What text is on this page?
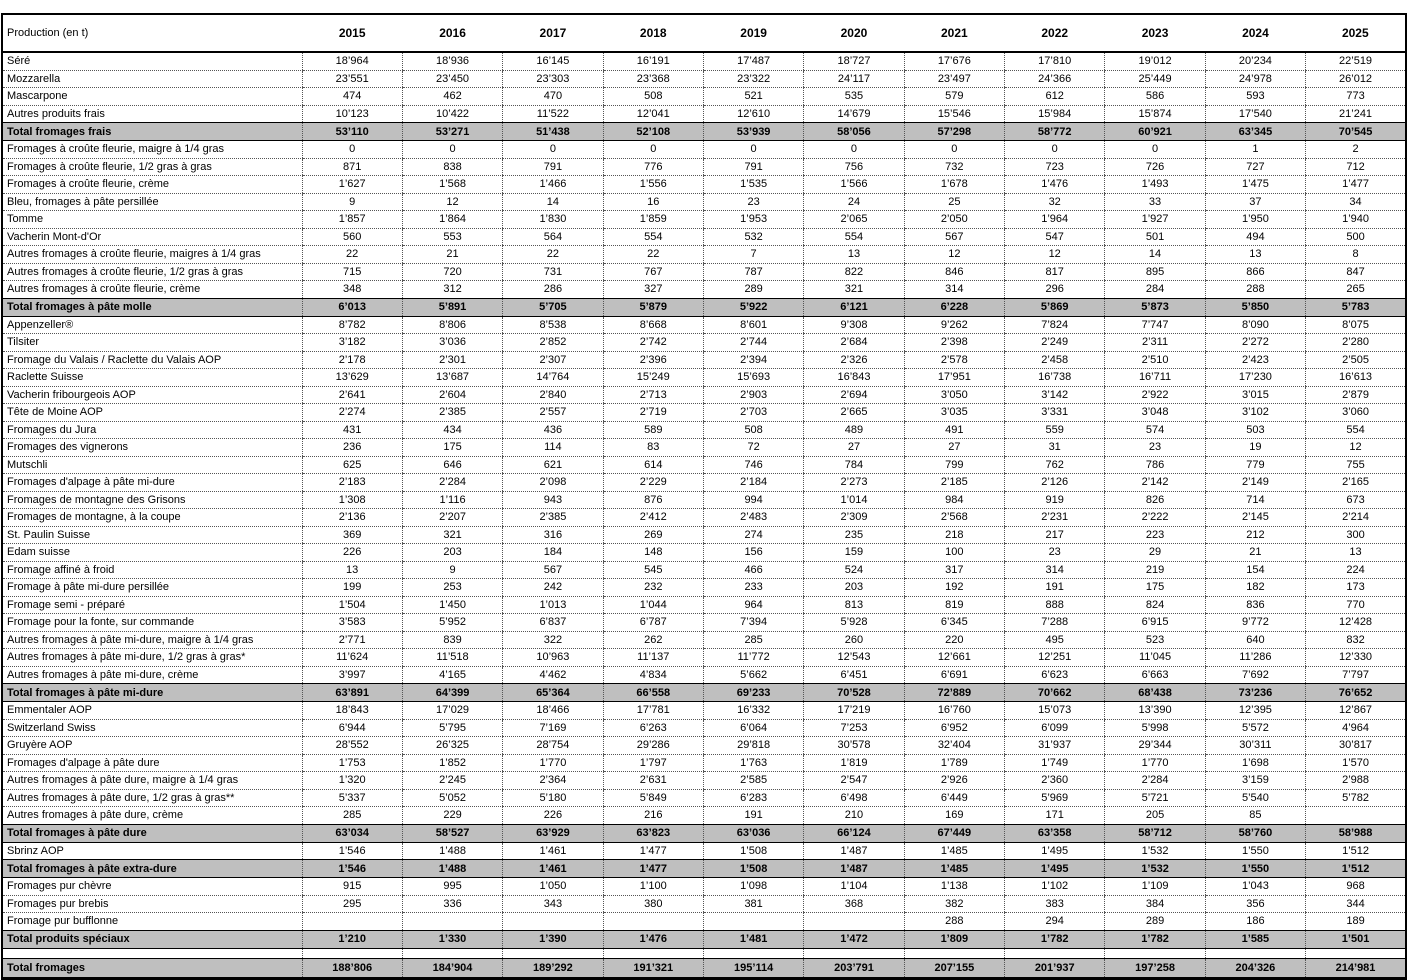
Production (en t)	2015	2016	2017	2018	2019	2020	2021	2022	2023	2024	2025
Séré	18’964	18’936	16’145	16’191	17’487	18’727	17’676	17’810	19’012	20’234	22’519
Mozzarella	23’551	23’450	23’303	23’368	23’322	24’117	23’497	24’366	25’449	24’978	26’012
Mascarpone	474	462	470	508	521	535	579	612	586	593	773
Autres produits frais	10’123	10’422	11’522	12’041	12’610	14’679	15’546	15’984	15’874	17’540	21’241
Total fromages frais	53’110	53’271	51’438	52’108	53’939	58’056	57’298	58’772	60’921	63’345	70’545
Fromages à croûte fleurie, maigre à 1/4 gras	0	0	0	0	0	0	0	0	0	1	2
Fromages à croûte fleurie, 1/2 gras à gras	871	838	791	776	791	756	732	723	726	727	712
Fromages à croûte fleurie, crème	1’627	1’568	1’466	1’556	1’535	1’566	1’678	1’476	1’493	1’475	1’477
Bleu, fromages à pâte persillée	9	12	14	16	23	24	25	32	33	37	34
Tomme	1’857	1’864	1’830	1’859	1’953	2’065	2’050	1’964	1’927	1’950	1’940
Vacherin Mont-d'Or	560	553	564	554	532	554	567	547	501	494	500
Autres fromages à croûte fleurie, maigres à 1/4 gras	22	21	22	22	7	13	12	12	14	13	8
Autres fromages à croûte fleurie, 1/2 gras à gras	715	720	731	767	787	822	846	817	895	866	847
Autres fromages à croûte fleurie, crème	348	312	286	327	289	321	314	296	284	288	265
Total fromages à pâte molle	6’013	5’891	5’705	5’879	5’922	6’121	6’228	5’869	5’873	5’850	5’783
Appenzeller®	8’782	8’806	8’538	8’668	8’601	9’308	9’262	7’824	7’747	8’090	8’075
Tilsiter	3’182	3’036	2’852	2’742	2’744	2’684	2’398	2’249	2’311	2’272	2’280
Fromage du Valais / Raclette du Valais AOP	2’178	2’301	2’307	2’396	2’394	2’326	2’578	2’458	2’510	2’423	2’505
Raclette Suisse	13’629	13’687	14’764	15’249	15’693	16’843	17’951	16’738	16’711	17’230	16’613
Vacherin fribourgeois AOP	2’641	2’604	2’840	2’713	2’903	2’694	3’050	3’142	2’922	3’015	2’879
Tête de Moine AOP	2’274	2’385	2’557	2’719	2’703	2’665	3’035	3’331	3’048	3’102	3’060
Fromages du Jura	431	434	436	589	508	489	491	559	574	503	554
Fromages des vignerons	236	175	114	83	72	27	27	31	23	19	12
Mutschli	625	646	621	614	746	784	799	762	786	779	755
Fromages d'alpage à pâte mi-dure	2’183	2’284	2’098	2’229	2’184	2’273	2’185	2’126	2’142	2’149	2’165
Fromages de montagne des Grisons	1’308	1’116	943	876	994	1’014	984	919	826	714	673
Fromages de montagne, à la coupe	2’136	2’207	2’385	2’412	2’483	2’309	2’568	2’231	2’222	2’145	2’214
St. Paulin Suisse	369	321	316	269	274	235	218	217	223	212	300
Edam suisse	226	203	184	148	156	159	100	23	29	21	13
Fromage affiné à froid	13	9	567	545	466	524	317	314	219	154	224
Fromage à pâte mi-dure persillée	199	253	242	232	233	203	192	191	175	182	173
Fromage semi - préparé	1’504	1’450	1’013	1’044	964	813	819	888	824	836	770
Fromage pour la fonte, sur commande	3’583	5’952	6’837	6’787	7’394	5’928	6’345	7’288	6’915	9’772	12’428
Autres fromages à pâte mi-dure, maigre à 1/4 gras	2’771	839	322	262	285	260	220	495	523	640	832
Autres fromages à pâte mi-dure, 1/2 gras à gras*	11’624	11’518	10’963	11’137	11’772	12’543	12’661	12’251	11’045	11’286	12’330
Autres fromages à pâte mi-dure, crème	3’997	4’165	4’462	4’834	5’662	6’451	6’691	6’623	6’663	7’692	7’797
Total fromages à pâte mi-dure	63’891	64’399	65’364	66’558	69’233	70’528	72’889	70’662	68’438	73’236	76’652
Emmentaler AOP	18’843	17’029	18’466	17’781	16’332	17’219	16’760	15’073	13’390	12’395	12’867
Switzerland Swiss	6’944	5’795	7’169	6’263	6’064	7’253	6’952	6’099	5’998	5’572	4’964
Gruyère AOP	28’552	26’325	28’754	29’286	29’818	30’578	32’404	31’937	29’344	30’311	30’817
Fromages d'alpage à pâte dure	1’753	1’852	1’770	1’797	1’763	1’819	1’789	1’749	1’770	1’698	1’570
Autres fromages à pâte dure, maigre à 1/4 gras	1’320	2’245	2’364	2’631	2’585	2’547	2’926	2’360	2’284	3’159	2’988
Autres fromages à pâte dure, 1/2 gras à gras**	5’337	5’052	5’180	5’849	6’283	6’498	6’449	5’969	5’721	5’540	5’782
Autres fromages à pâte dure, crème	285	229	226	216	191	210	169	171	205	85	
Total fromages à pâte dure	63’034	58’527	63’929	63’823	63’036	66’124	67’449	63’358	58’712	58’760	58’988
Sbrinz AOP	1’546	1’488	1’461	1’477	1’508	1’487	1’485	1’495	1’532	1’550	1’512
Total fromages à pâte extra-dure	1’546	1’488	1’461	1’477	1’508	1’487	1’485	1’495	1’532	1’550	1’512
Fromages pur chèvre	915	995	1’050	1’100	1’098	1’104	1’138	1’102	1’109	1’043	968
Fromages pur brebis	295	336	343	380	381	368	382	383	384	356	344
Fromage pur bufflonne							288	294	289	186	189
Total produits spéciaux	1’210	1’330	1’390	1’476	1’481	1’472	1’809	1’782	1’782	1’585	1’501

Total fromages	188’806	184’904	189’292	191’321	195’114	203’791	207’155	201’937	197’258	204’326	214’981
